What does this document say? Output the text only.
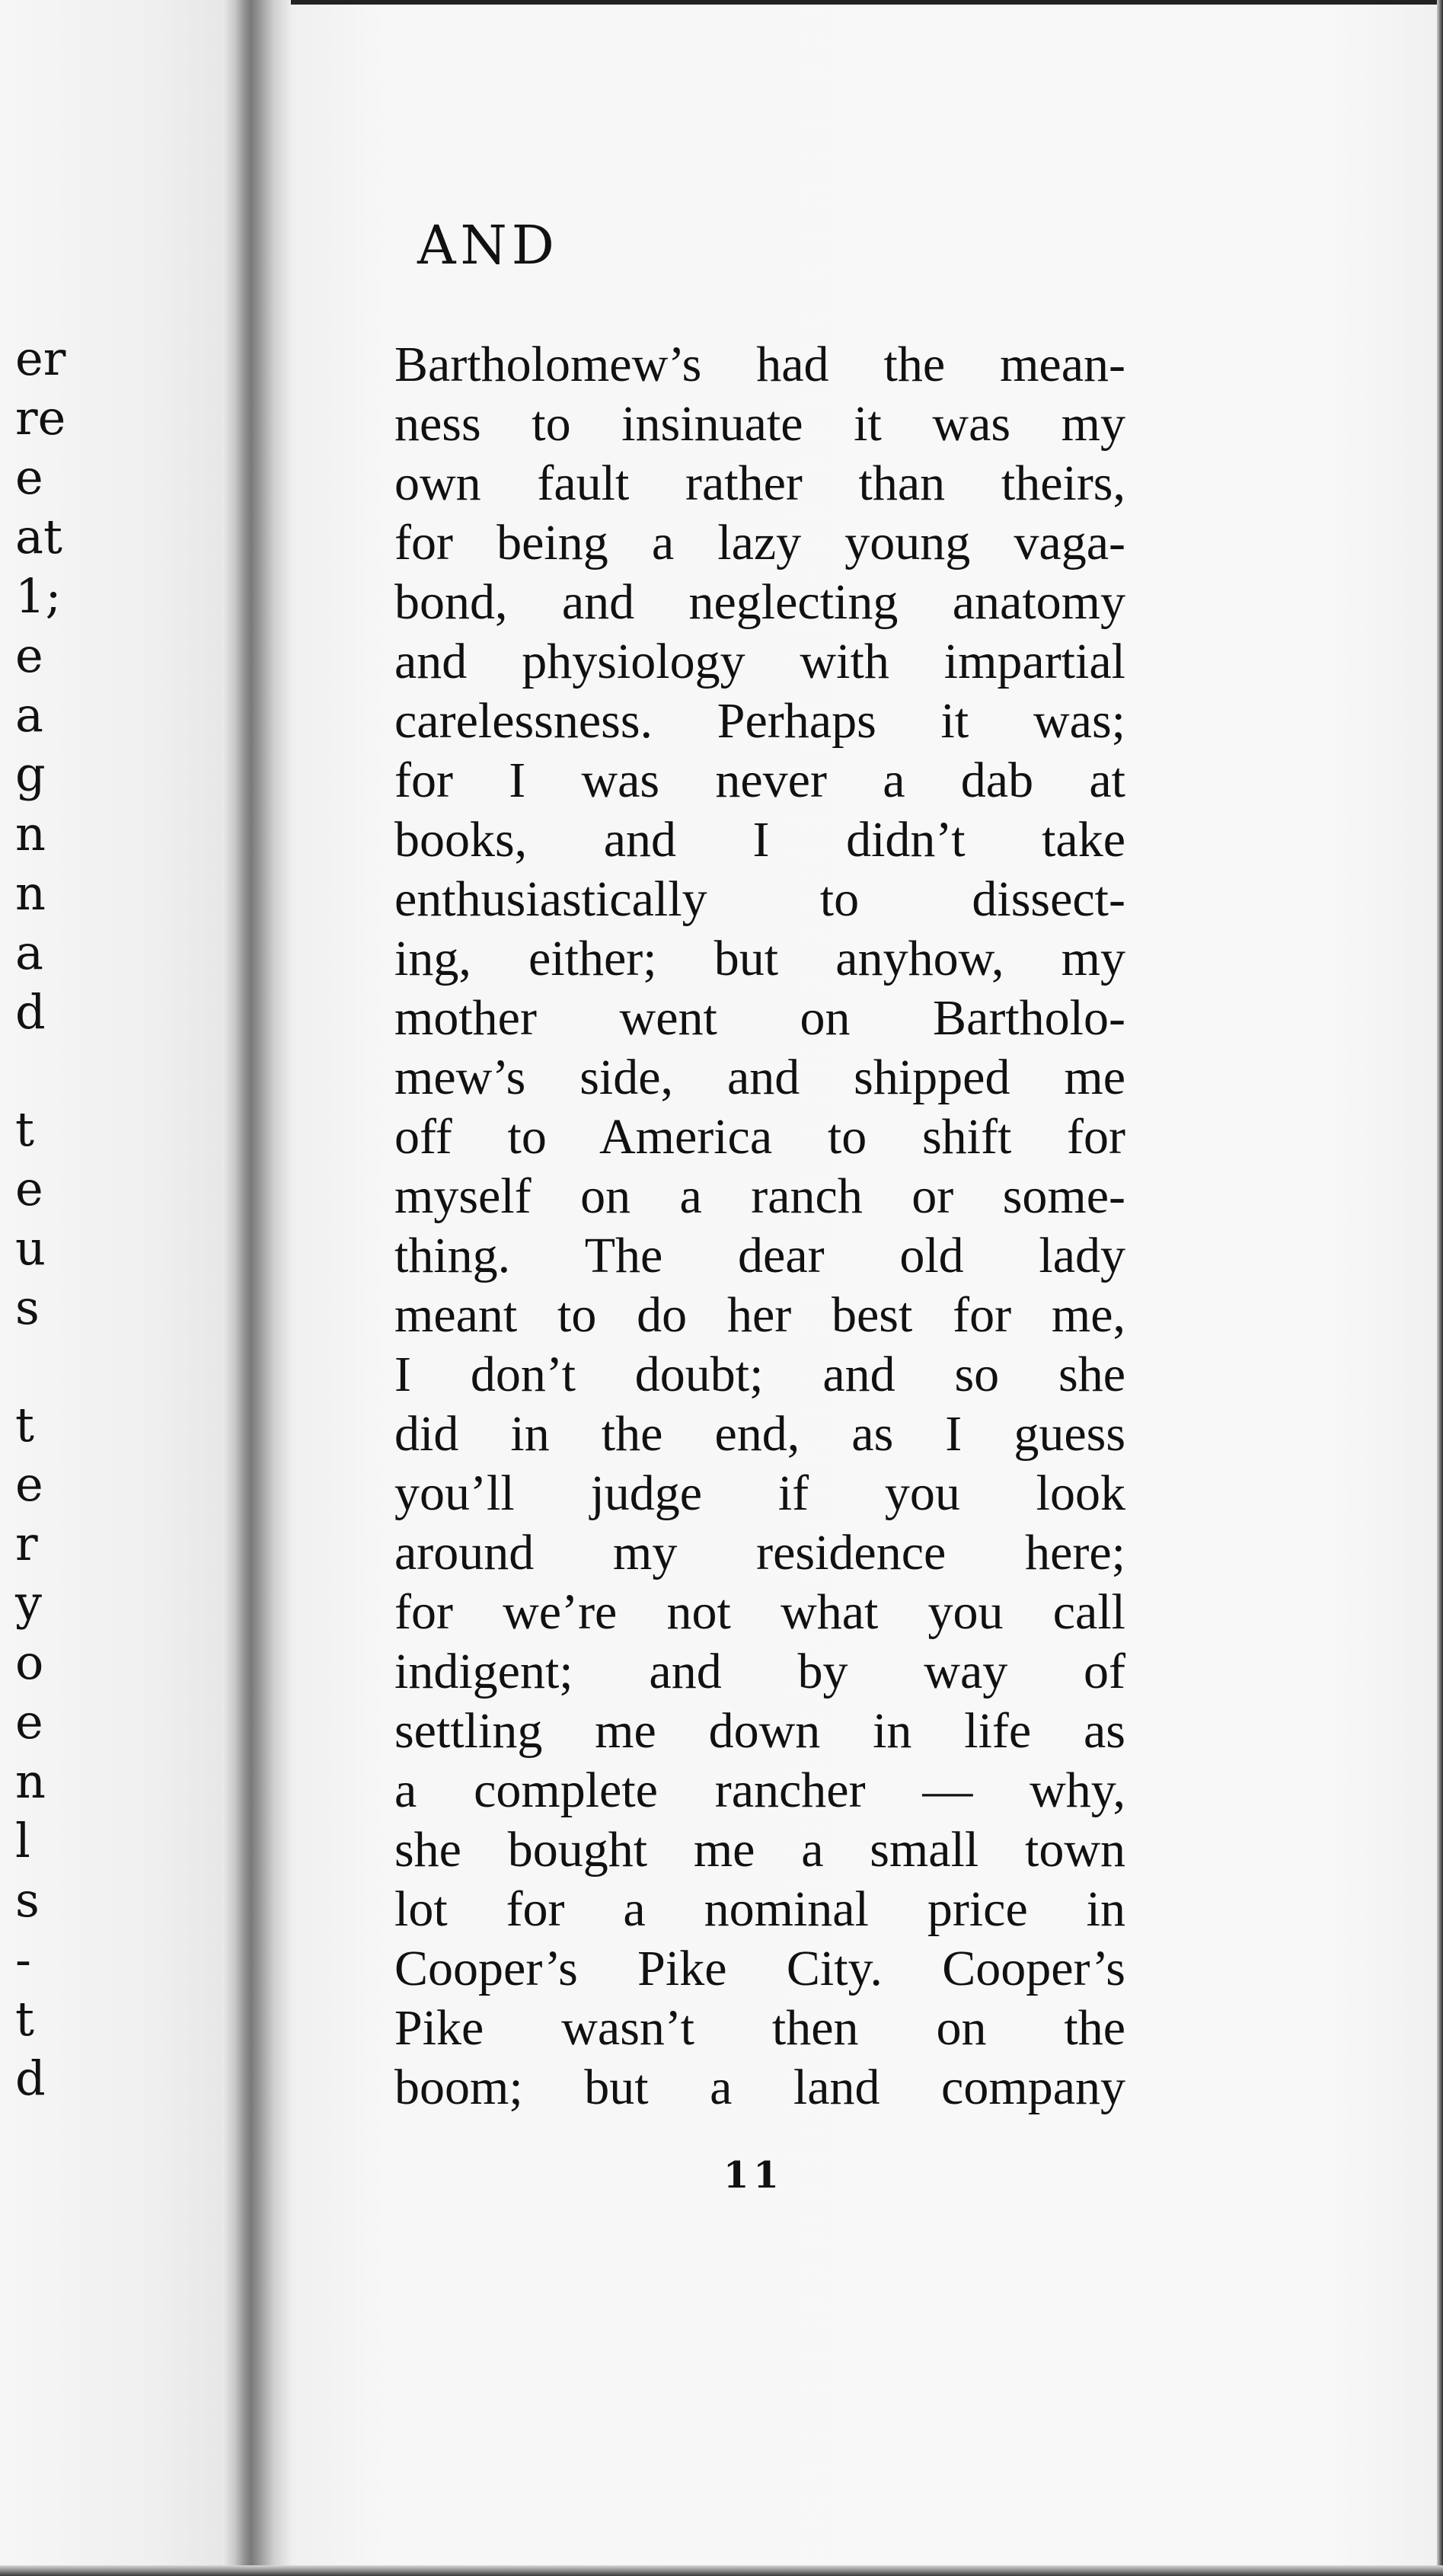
er
re
e
at
1;
e
a
g
n
n
a
d
t
e
u
s
t
e
r
y
o
e
n
l
s
-
t
d
AND
Bartholomew’s had the mean-
ness to insinuate it was my
own fault rather than theirs,
for being a lazy young vaga-
bond, and neglecting anatomy
and physiology with impartial
carelessness. Perhaps it was;
for I was never a dab at
books, and I didn’t take
enthusiastically to dissect-
ing, either; but anyhow, my
mother went on Bartholo-
mew’s side, and shipped me
off to America to shift for
myself on a ranch or some-
thing. The dear old lady
meant to do her best for me,
I don’t doubt; and so she
did in the end, as I guess
you’ll judge if you look
around my residence here;
for we’re not what you call
indigent; and by way of
settling me down in life as
a complete rancher — why,
she bought me a small town
lot for a nominal price in
Cooper’s Pike City. Cooper’s
Pike wasn’t then on the
boom; but a land company
11
